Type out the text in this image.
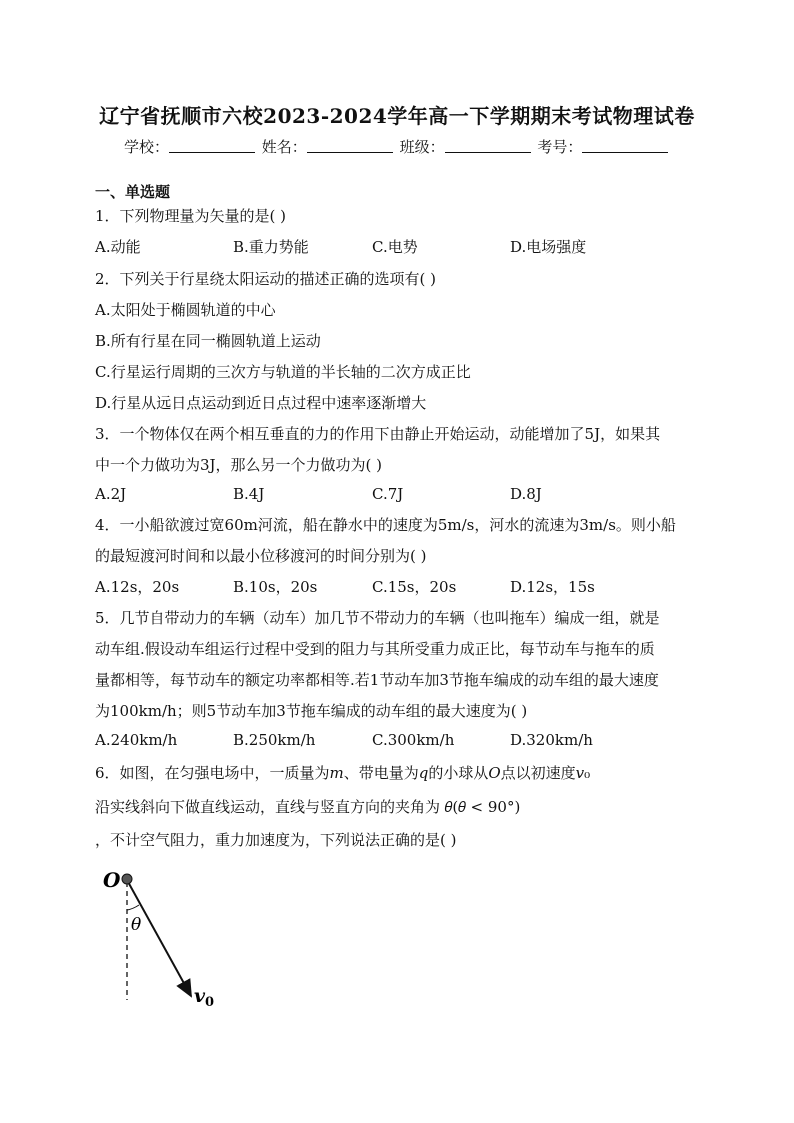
辽宁省抚顺市六校2023-2024学年高一下学期期末考试物理试卷
学校：	姓名：	班级：	考号：
一、单选题
1．下列物理量为矢量的是( )
A.动能	B.重力势能	C.电势	D.电场强度
2．下列关于行星绕太阳运动的描述正确的选项有( )
A.太阳处于椭圆轨道的中心
B.所有行星在同一椭圆轨道上运动
C.行星运行周期的三次方与轨道的半长轴的二次方成正比
D.行星从远日点运动到近日点过程中速率逐渐增大
3．一个物体仅在两个相互垂直的力的作用下由静止开始运动，动能增加了5J，如果其
中一个力做功为3J，那么另一个力做功为( )
A.2J	B.4J	C.7J	D.8J
4．一小船欲渡过宽60m河流，船在静水中的速度为5m/s，河水的流速为3m/s。则小船
的最短渡河时间和以最小位移渡河的时间分别为( )
A.12s，20s	B.10s，20s	C.15s，20s	D.12s，15s
5．几节自带动力的车辆（动车）加几节不带动力的车辆（也叫拖车）编成一组，就是
动车组.假设动车组运行过程中受到的阻力与其所受重力成正比，每节动车与拖车的质
量都相等，每节动车的额定功率都相等.若1节动车加3节拖车编成的动车组的最大速度
为100km/h；则5节动车加3节拖车编成的动车组的最大速度为( )
A.240km/h	B.250km/h	C.300km/h	D.320km/h
6．如图，在匀强电场中，一质量为𝑚、带电量为𝑞的小球从𝑂点以初速度𝑣₀
沿实线斜向下做直线运动，直线与竖直方向的夹角为 𝜃(𝜃 < 90°)
，不计空气阻力，重力加速度为，下列说法正确的是( )
O
θ
$v_0$
